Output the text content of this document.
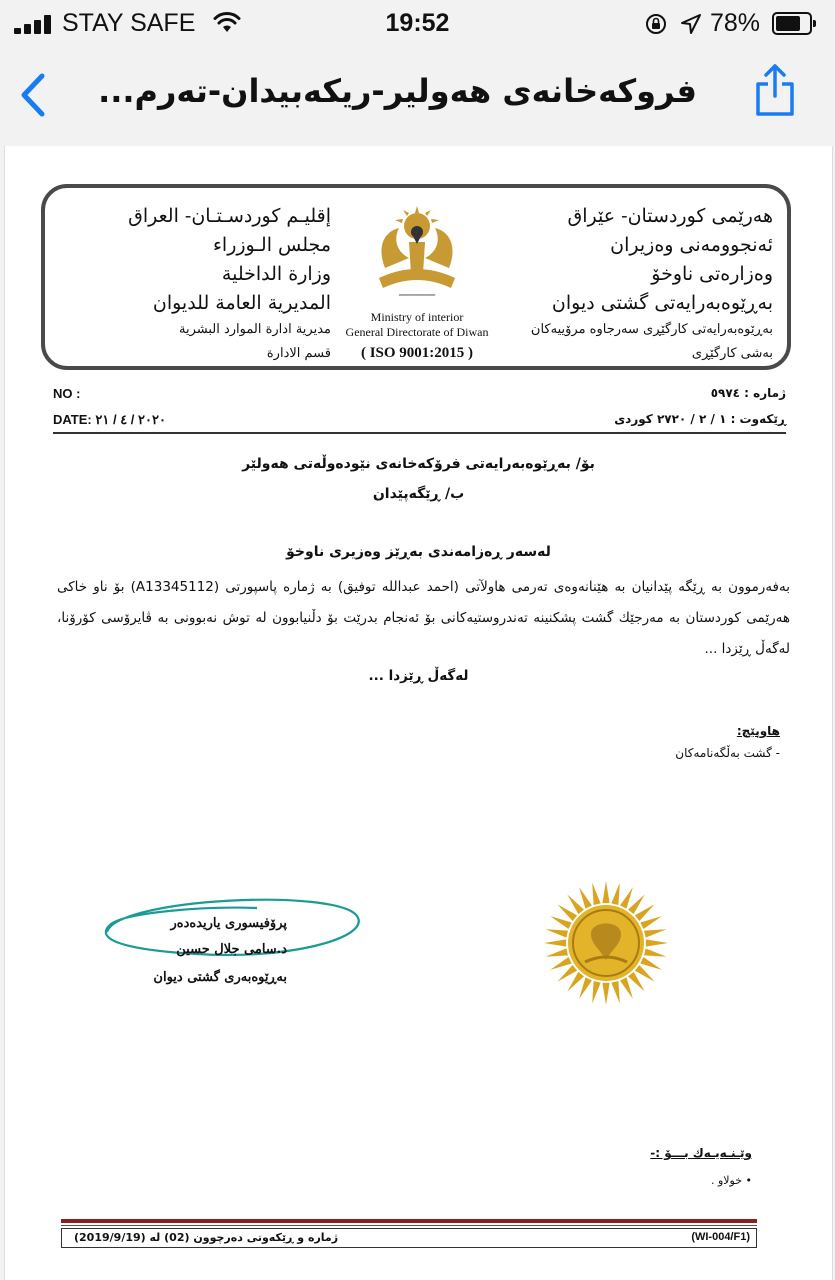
STAY SAFE	19:52	78%
فروکەخانەی هەولیر-ریکەبیدان-تەرم...
هەرێمی کوردستان- عێراق
ئەنجوومەنی وەزیران
وەزارەتی ناوخۆ
بەڕێوەبەرایەتی گشتی دیوان
بەڕێوەبەرایەتی کارگێڕی سەرجاوە مرۆییەکان
بەشی کارگێڕی
━━━━━━━━━━
Ministry of interior
General Directorate of Diwan
( ISO 9001:2015 )
إقليـم كوردسـتـان- العراق
مجلس الـوزراء
وزارة الداخلية
المديرية العامة للديوان
مديرية ادارة الموارد البشرية
قسم الادارة
NO :
DATE: ٢٠٢٠ / ٤ / ٢١
ژمارە : ٥٩٧٤
ڕێکەوت : ١ / ٢ / ٢٧٢٠ کوردی
بۆ/ بەڕێوەبەرایەتی فرۆکەخانەی نێودەوڵەتی هەولێر
ب/ ڕێگەپێدان
لەسەر ڕەزامەندی بەڕێز وەزیری ناوخۆ
بەفەرموون بە ڕێگە پێدانیان بە هێنانەوەی تەرمی هاولآتی (احمد عبدالله توفيق) بە ژمارە پاسپورتی (A13345112) بۆ ناو خاکی هەرێمی کوردستان بە مەرجێك گشت پشکنینە تەندروستیەکانی بۆ ئەنجام بدرێت بۆ دڵنیابوون لە توش نەبوونی بە ڤایرۆسی کۆرۆنا، لەگەڵ ڕێزدا ...
لەگەڵ ڕێزدا ...
هاوپێچ:
- گشت بەڵگەنامەکان
پرۆفیسوری یاریدەدەر
د.سامی جلال حسین
بەڕێوەبەری گشتی دیوان
وێـنـەیـەك بـــۆ :-
• خولاو .
(WI-004/F1)
ژمارە و ڕێکەوتی دەرچوون (02) لە (2019/9/19)
